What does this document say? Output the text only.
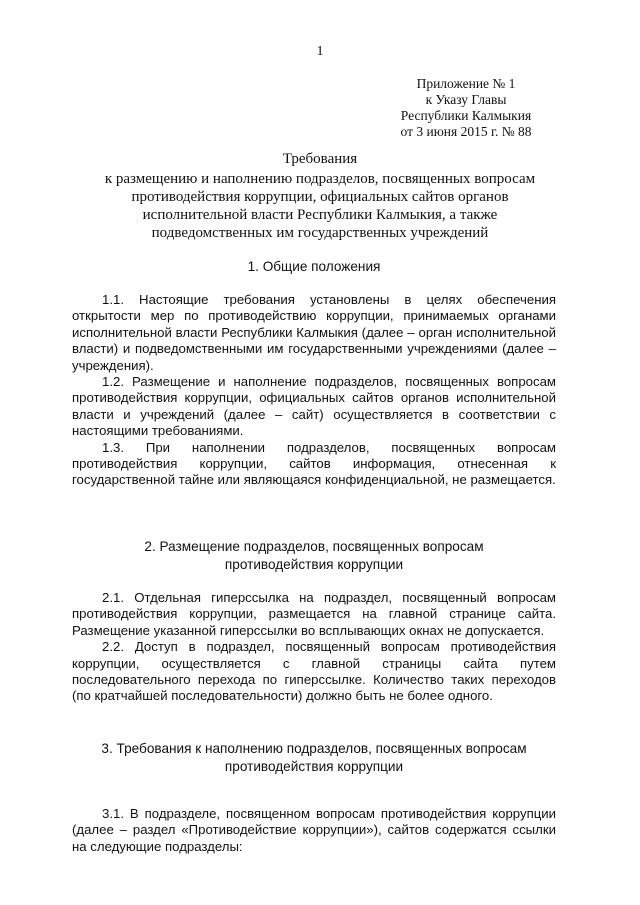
1
Приложение № 1
к Указу Главы
Республики Калмыкия
от 3 июня 2015 г. № 88
Требования
к размещению и наполнению подразделов, посвященных вопросам
противодействия коррупции, официальных сайтов органов
исполнительной власти Республики Калмыкия, а также
подведомственных им государственных учреждений
1. Общие положения

1.1. Настоящие требования установлены в целях обеспечения открытости мер по противодействию коррупции, принимаемых органами исполнительной власти Республики Калмыкия (далее – орган исполнительной власти) и подведомственными им государственными учреждениями (далее – учреждения).

1.2. Размещение и наполнение подразделов, посвященных вопросам противодействия коррупции, официальных сайтов органов исполнительной власти и учреждений (далее – сайт) осуществляется в соответствии с настоящими требованиями.

1.3. При наполнении подразделов, посвященных вопросам противодействия коррупции, сайтов информация, отнесенная к государственной тайне или являющаяся конфиденциальной, не размещается.

2. Размещение подразделов, посвященных вопросам
противодействия коррупции

2.1. Отдельная гиперссылка на подраздел, посвященный вопросам противодействия коррупции, размещается на главной странице сайта. Размещение указанной гиперссылки во всплывающих окнах не допускается.

2.2. Доступ в подраздел, посвященный вопросам противодействия коррупции, осуществляется с главной страницы сайта путем последовательного перехода по гиперссылке. Количество таких переходов (по кратчайшей последовательности) должно быть не более одного.

3. Требования к наполнению подразделов, посвященных вопросам
противодействия коррупции

3.1. В подразделе, посвященном вопросам противодействия коррупции (далее – раздел «Противодействие коррупции»), сайтов содержатся ссылки на следующие подразделы:
